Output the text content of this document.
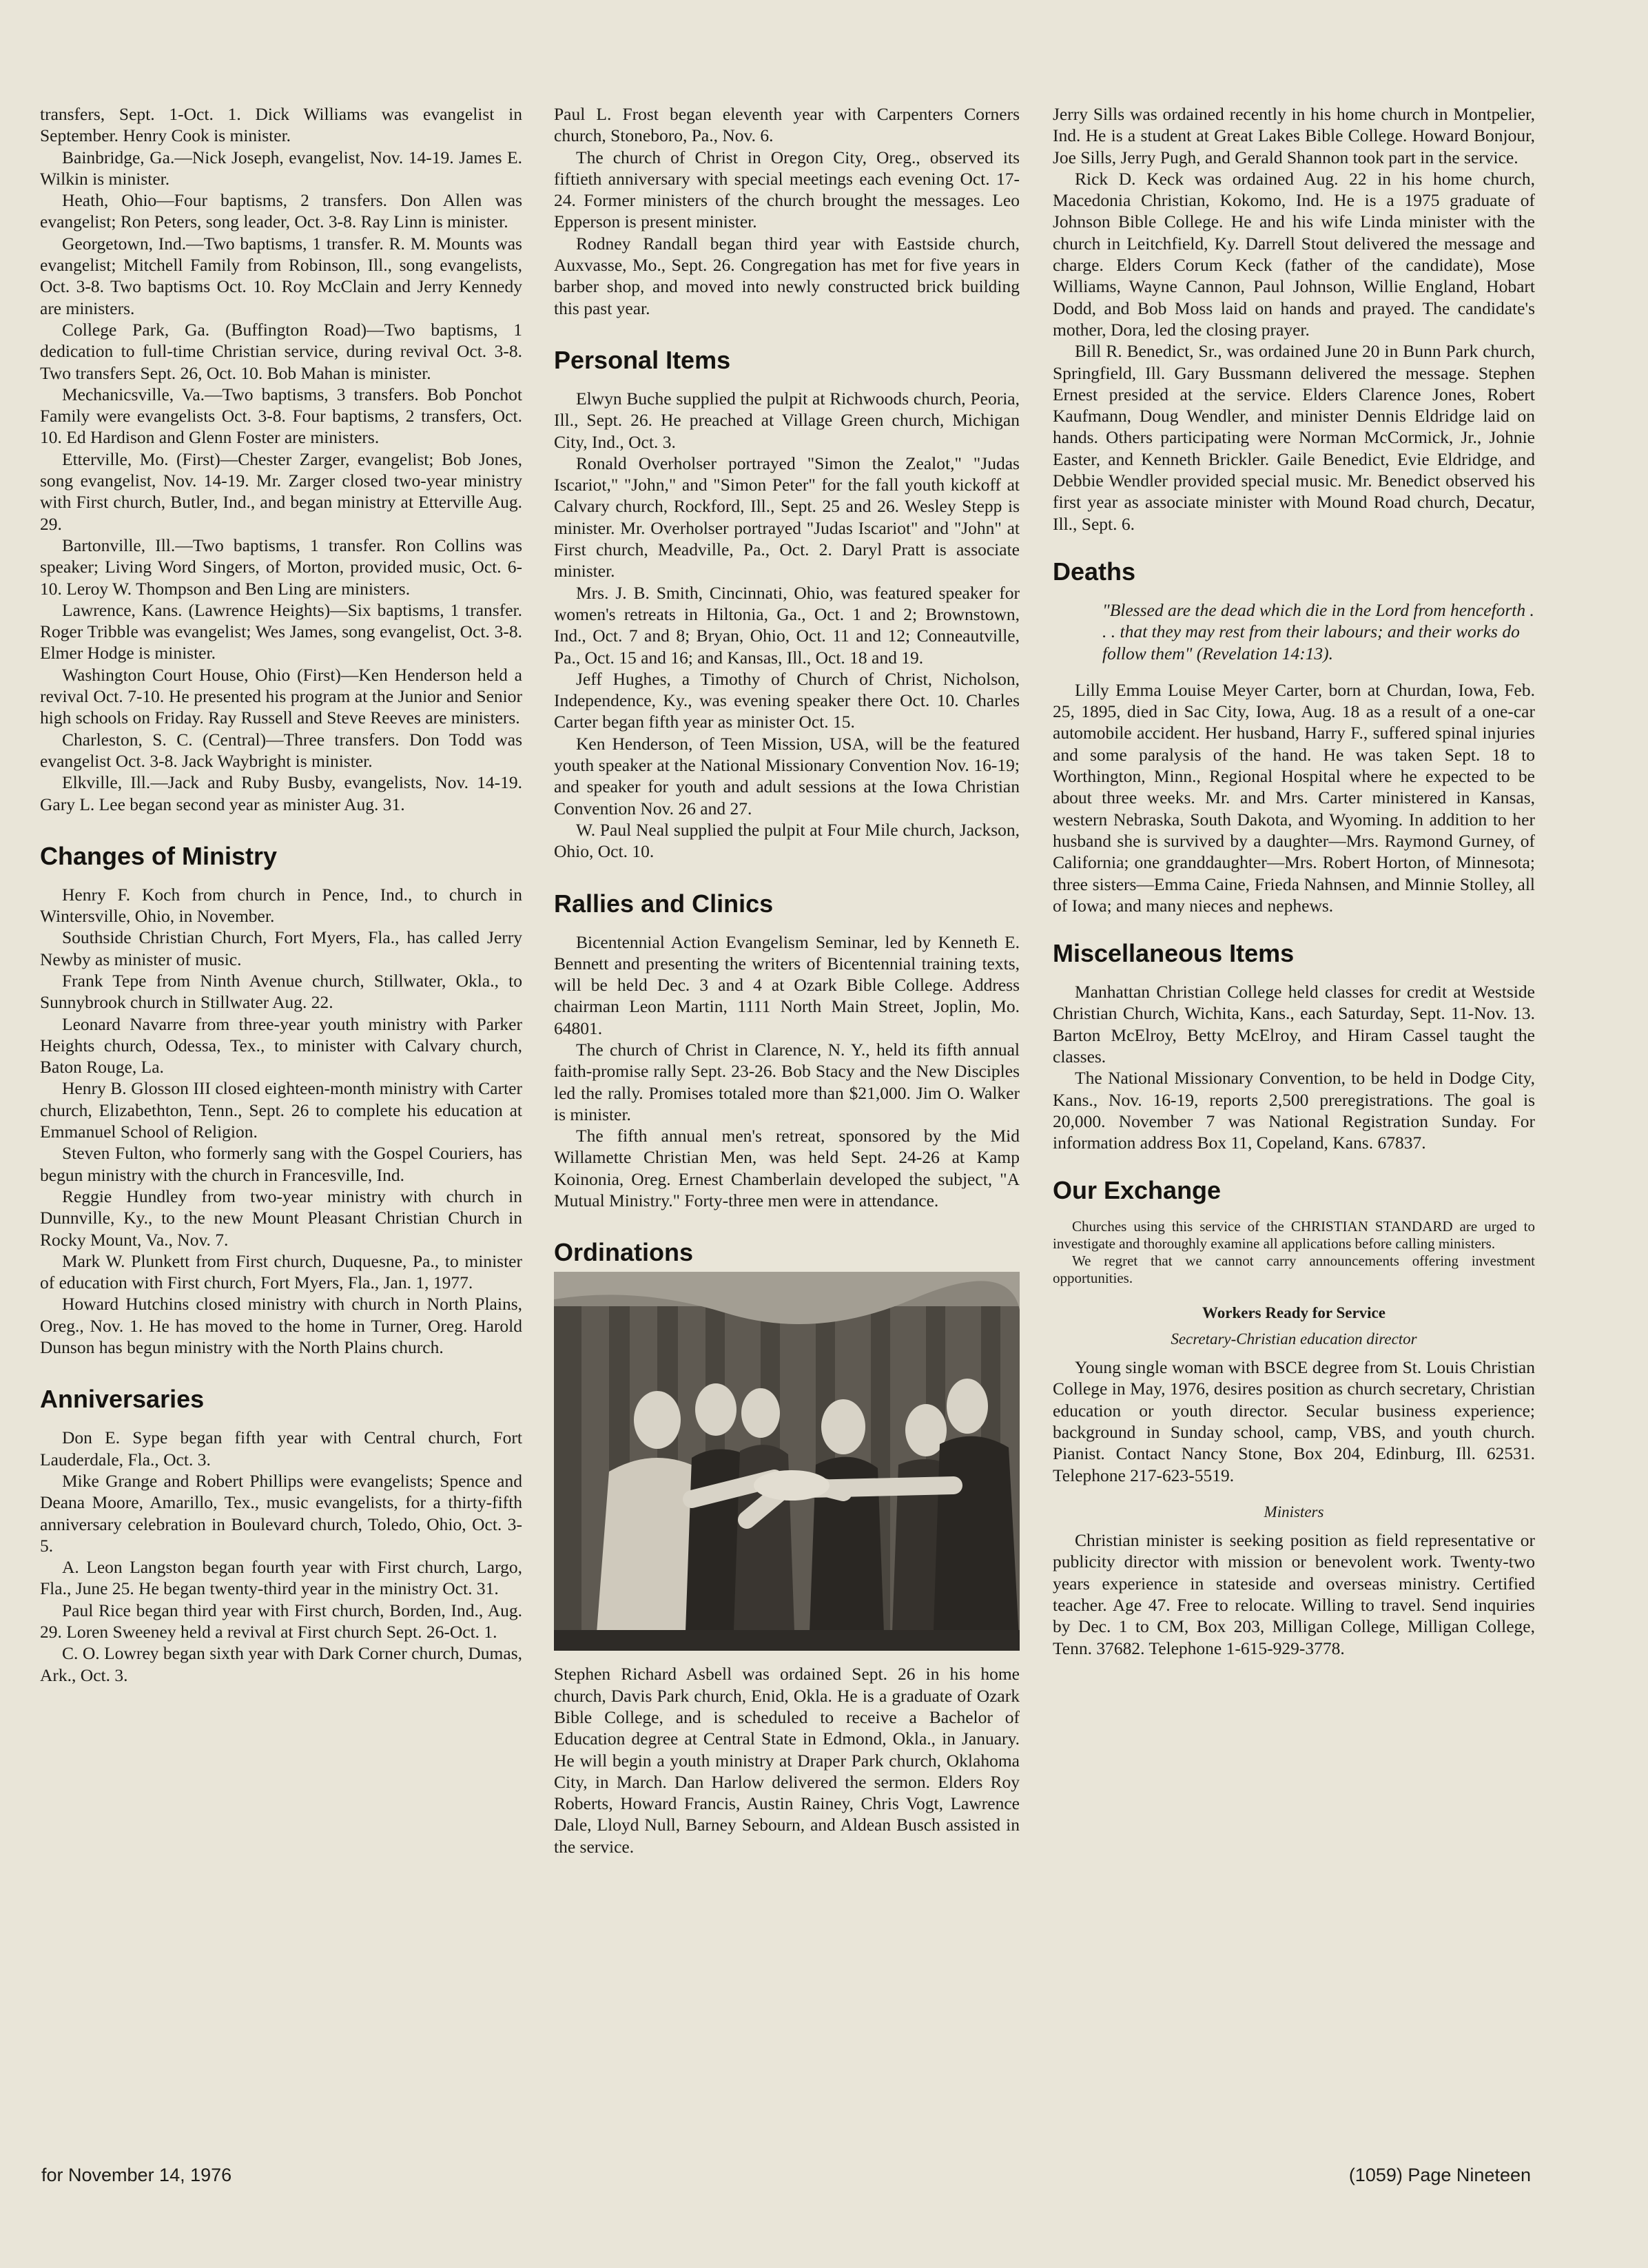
transfers, Sept. 1-Oct. 1. Dick Williams was evangelist in September. Henry Cook is minister.

Bainbridge, Ga.—Nick Joseph, evangelist, Nov. 14-19. James E. Wilkin is minister.

Heath, Ohio—Four baptisms, 2 transfers. Don Allen was evangelist; Ron Peters, song leader, Oct. 3-8. Ray Linn is minister.

Georgetown, Ind.—Two baptisms, 1 transfer. R. M. Mounts was evangelist; Mitchell Family from Robinson, Ill., song evangelists, Oct. 3-8. Two baptisms Oct. 10. Roy McClain and Jerry Kennedy are ministers.

College Park, Ga. (Buffington Road)—Two baptisms, 1 dedication to full-time Christian service, during revival Oct. 3-8. Two transfers Sept. 26, Oct. 10. Bob Mahan is minister.

Mechanicsville, Va.—Two baptisms, 3 transfers. Bob Ponchot Family were evangelists Oct. 3-8. Four baptisms, 2 transfers, Oct. 10. Ed Hardison and Glenn Foster are ministers.

Etterville, Mo. (First)—Chester Zarger, evangelist; Bob Jones, song evangelist, Nov. 14-19. Mr. Zarger closed two-year ministry with First church, Butler, Ind., and began ministry at Etterville Aug. 29.

Bartonville, Ill.—Two baptisms, 1 transfer. Ron Collins was speaker; Living Word Singers, of Morton, provided music, Oct. 6-10. Leroy W. Thompson and Ben Ling are ministers.

Lawrence, Kans. (Lawrence Heights)—Six baptisms, 1 transfer. Roger Tribble was evangelist; Wes James, song evangelist, Oct. 3-8. Elmer Hodge is minister.

Washington Court House, Ohio (First)—Ken Henderson held a revival Oct. 7-10. He presented his program at the Junior and Senior high schools on Friday. Ray Russell and Steve Reeves are ministers.

Charleston, S. C. (Central)—Three transfers. Don Todd was evangelist Oct. 3-8. Jack Waybright is minister.

Elkville, Ill.—Jack and Ruby Busby, evangelists, Nov. 14-19. Gary L. Lee began second year as minister Aug. 31.

Changes of Ministry

Henry F. Koch from church in Pence, Ind., to church in Wintersville, Ohio, in November.

Southside Christian Church, Fort Myers, Fla., has called Jerry Newby as minister of music.

Frank Tepe from Ninth Avenue church, Stillwater, Okla., to Sunnybrook church in Stillwater Aug. 22.

Leonard Navarre from three-year youth ministry with Parker Heights church, Odessa, Tex., to minister with Calvary church, Baton Rouge, La.

Henry B. Glosson III closed eighteen-month ministry with Carter church, Elizabethton, Tenn., Sept. 26 to complete his education at Emmanuel School of Religion.

Steven Fulton, who formerly sang with the Gospel Couriers, has begun ministry with the church in Francesville, Ind.

Reggie Hundley from two-year ministry with church in Dunnville, Ky., to the new Mount Pleasant Christian Church in Rocky Mount, Va., Nov. 7.

Mark W. Plunkett from First church, Duquesne, Pa., to minister of education with First church, Fort Myers, Fla., Jan. 1, 1977.

Howard Hutchins closed ministry with church in North Plains, Oreg., Nov. 1. He has moved to the home in Turner, Oreg. Harold Dunson has begun ministry with the North Plains church.

Anniversaries

Don E. Sype began fifth year with Central church, Fort Lauderdale, Fla., Oct. 3.

Mike Grange and Robert Phillips were evangelists; Spence and Deana Moore, Amarillo, Tex., music evangelists, for a thirty-fifth anniversary celebration in Boulevard church, Toledo, Ohio, Oct. 3-5.

A. Leon Langston began fourth year with First church, Largo, Fla., June 25. He began twenty-third year in the ministry Oct. 31.

Paul Rice began third year with First church, Borden, Ind., Aug. 29. Loren Sweeney held a revival at First church Sept. 26-Oct. 1.

C. O. Lowrey began sixth year with Dark Corner church, Dumas, Ark., Oct. 3.

Paul L. Frost began eleventh year with Carpenters Corners church, Stoneboro, Pa., Nov. 6.

The church of Christ in Oregon City, Oreg., observed its fiftieth anniversary with special meetings each evening Oct. 17-24. Former ministers of the church brought the messages. Leo Epperson is present minister.

Rodney Randall began third year with Eastside church, Auxvasse, Mo., Sept. 26. Congregation has met for five years in barber shop, and moved into newly constructed brick building this past year.

Personal Items

Elwyn Buche supplied the pulpit at Richwoods church, Peoria, Ill., Sept. 26. He preached at Village Green church, Michigan City, Ind., Oct. 3.

Ronald Overholser portrayed "Simon the Zealot," "Judas Iscariot," "John," and "Simon Peter" for the fall youth kickoff at Calvary church, Rockford, Ill., Sept. 25 and 26. Wesley Stepp is minister. Mr. Overholser portrayed "Judas Iscariot" and "John" at First church, Meadville, Pa., Oct. 2. Daryl Pratt is associate minister.

Mrs. J. B. Smith, Cincinnati, Ohio, was featured speaker for women's retreats in Hiltonia, Ga., Oct. 1 and 2; Brownstown, Ind., Oct. 7 and 8; Bryan, Ohio, Oct. 11 and 12; Conneautville, Pa., Oct. 15 and 16; and Kansas, Ill., Oct. 18 and 19.

Jeff Hughes, a Timothy of Church of Christ, Nicholson, Independence, Ky., was evening speaker there Oct. 10. Charles Carter began fifth year as minister Oct. 15.

Ken Henderson, of Teen Mission, USA, will be the featured youth speaker at the National Missionary Convention Nov. 16-19; and speaker for youth and adult sessions at the Iowa Christian Convention Nov. 26 and 27.

W. Paul Neal supplied the pulpit at Four Mile church, Jackson, Ohio, Oct. 10.

Rallies and Clinics

Bicentennial Action Evangelism Seminar, led by Kenneth E. Bennett and presenting the writers of Bicentennial training texts, will be held Dec. 3 and 4 at Ozark Bible College. Address chairman Leon Martin, 1111 North Main Street, Joplin, Mo. 64801.

The church of Christ in Clarence, N. Y., held its fifth annual faith-promise rally Sept. 23-26. Bob Stacy and the New Disciples led the rally. Promises totaled more than $21,000. Jim O. Walker is minister.

The fifth annual men's retreat, sponsored by the Mid Willamette Christian Men, was held Sept. 24-26 at Kamp Koinonia, Oreg. Ernest Chamberlain developed the subject, "A Mutual Ministry." Forty-three men were in attendance.

Ordinations

Stephen Richard Asbell was ordained Sept. 26 in his home church, Davis Park church, Enid, Okla. He is a graduate of Ozark Bible College, and is scheduled to receive a Bachelor of Education degree at Central State in Edmond, Okla., in January. He will begin a youth ministry at Draper Park church, Oklahoma City, in March. Dan Harlow delivered the sermon. Elders Roy Roberts, Howard Francis, Austin Rainey, Chris Vogt, Lawrence Dale, Lloyd Null, Barney Sebourn, and Aldean Busch assisted in the service.

Jerry Sills was ordained recently in his home church in Montpelier, Ind. He is a student at Great Lakes Bible College. Howard Bonjour, Joe Sills, Jerry Pugh, and Gerald Shannon took part in the service.

Rick D. Keck was ordained Aug. 22 in his home church, Macedonia Christian, Kokomo, Ind. He is a 1975 graduate of Johnson Bible College. He and his wife Linda minister with the church in Leitchfield, Ky. Darrell Stout delivered the message and charge. Elders Corum Keck (father of the candidate), Mose Williams, Wayne Cannon, Paul Johnson, Willie England, Hobart Dodd, and Bob Moss laid on hands and prayed. The candidate's mother, Dora, led the closing prayer.

Bill R. Benedict, Sr., was ordained June 20 in Bunn Park church, Springfield, Ill. Gary Bussmann delivered the message. Stephen Ernest presided at the service. Elders Clarence Jones, Robert Kaufmann, Doug Wendler, and minister Dennis Eldridge laid on hands. Others participating were Norman McCormick, Jr., Johnie Easter, and Kenneth Brickler. Gaile Benedict, Evie Eldridge, and Debbie Wendler provided special music. Mr. Benedict observed his first year as associate minister with Mound Road church, Decatur, Ill., Sept. 6.

Deaths

"Blessed are the dead which die in the Lord from henceforth . . . that they may rest from their labours; and their works do follow them" (Revelation 14:13).

Lilly Emma Louise Meyer Carter, born at Churdan, Iowa, Feb. 25, 1895, died in Sac City, Iowa, Aug. 18 as a result of a one-car automobile accident. Her husband, Harry F., suffered spinal injuries and some paralysis of the hand. He was taken Sept. 18 to Worthington, Minn., Regional Hospital where he expected to be about three weeks. Mr. and Mrs. Carter ministered in Kansas, western Nebraska, South Dakota, and Wyoming. In addition to her husband she is survived by a daughter—Mrs. Raymond Gurney, of California; one granddaughter—Mrs. Robert Horton, of Minnesota; three sisters—Emma Caine, Frieda Nahnsen, and Minnie Stolley, all of Iowa; and many nieces and nephews.

Miscellaneous Items

Manhattan Christian College held classes for credit at Westside Christian Church, Wichita, Kans., each Saturday, Sept. 11-Nov. 13. Barton McElroy, Betty McElroy, and Hiram Cassel taught the classes.

The National Missionary Convention, to be held in Dodge City, Kans., Nov. 16-19, reports 2,500 preregistrations. The goal is 20,000. November 7 was National Registration Sunday. For information address Box 11, Copeland, Kans. 67837.

Our Exchange

Churches using this service of the CHRISTIAN STANDARD are urged to investigate and thoroughly examine all applications before calling ministers.

We regret that we cannot carry announcements offering investment opportunities.

Workers Ready for Service

Secretary-Christian education director

Young single woman with BSCE degree from St. Louis Christian College in May, 1976, desires position as church secretary, Christian education or youth director. Secular business experience; background in Sunday school, camp, VBS, and youth church. Pianist. Contact Nancy Stone, Box 204, Edinburg, Ill. 62531. Telephone 217-623-5519.

Ministers

Christian minister is seeking position as field representative or publicity director with mission or benevolent work. Twenty-two years experience in stateside and overseas ministry. Certified teacher. Age 47. Free to relocate. Willing to travel. Send inquiries by Dec. 1 to CM, Box 203, Milligan College, Milligan College, Tenn. 37682. Telephone 1-615-929-3778.

for November 14, 1976	(1059) Page Nineteen
